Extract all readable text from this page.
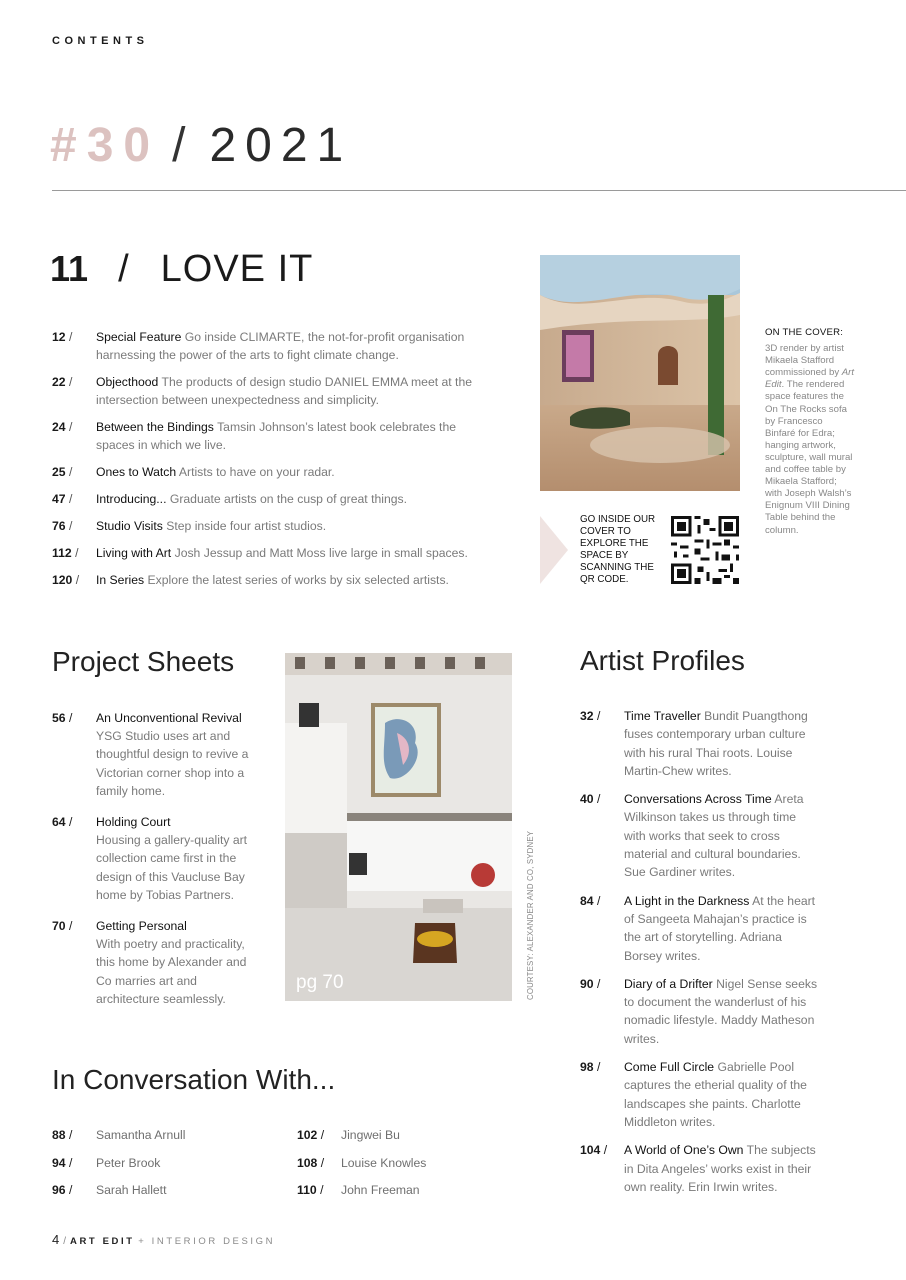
CONTENTS
#30 / 2021
11 / LOVE IT
12 /	Special Feature Go inside CLIMARTE, the not-for-profit organisation harnessing the power of the arts to fight climate change.
22 /	Objecthood The products of design studio DANIEL EMMA meet at the intersection between unexpectedness and simplicity.
24 /	Between the Bindings Tamsin Johnson’s latest book celebrates the spaces in which we live.
25 /	Ones to Watch Artists to have on your radar.
47 /	Introducing... Graduate artists on the cusp of great things.
76 /	Studio Visits Step inside four artist studios.
112 /	Living with Art Josh Jessup and Matt Moss live large in small spaces.
120 /	In Series Explore the latest series of works by six selected artists.
ON THE COVER:
3D render by artist Mikaela Stafford commissioned by Art Edit. The rendered space features the On The Rocks sofa by Francesco Binfaré for Edra; hanging artwork, sculpture, wall mural and coffee table by Mikaela Stafford; with Joseph Walsh’s Enignum VIII Dining Table behind the column.
GO INSIDE OUR COVER TO EXPLORE THE SPACE BY SCANNING THE QR CODE.
Project Sheets
56 /	An Unconventional Revival
YSG Studio uses art and thoughtful design to revive a Victorian corner shop into a family home.
64 /	Holding Court
Housing a gallery-quality art collection came first in the design of this Vaucluse Bay home by Tobias Partners.
70 /	Getting Personal
With poetry and practicality, this home by Alexander and Co marries art and architecture seamlessly.
pg 70	COURTESY: ALEXANDER AND CO, SYDNEY
Artist Profiles
32 /	Time Traveller Bundit Puangthong fuses contemporary urban culture with his rural Thai roots. Louise Martin-Chew writes.
40 /	Conversations Across Time Areta Wilkinson takes us through time with works that seek to cross material and cultural boundaries. Sue Gardiner writes.
84 /	A Light in the Darkness At the heart of Sangeeta Mahajan’s practice is the art of storytelling. Adriana Borsey writes.
90 /	Diary of a Drifter Nigel Sense seeks to document the wanderlust of his nomadic lifestyle. Maddy Matheson writes.
98 /	Come Full Circle Gabrielle Pool captures the etherial quality of the landscapes she paints. Charlotte Middleton writes.
104 /	A World of One’s Own The subjects in Dita Angeles’ works exist in their own reality. Erin Irwin writes.
In Conversation With...
88 /	Samantha Arnull
94 /	Peter Brook
96 /	Sarah Hallett
102 /	Jingwei Bu
108 /	Louise Knowles
110 /	John Freeman
4 / ART EDIT + INTERIOR DESIGN
